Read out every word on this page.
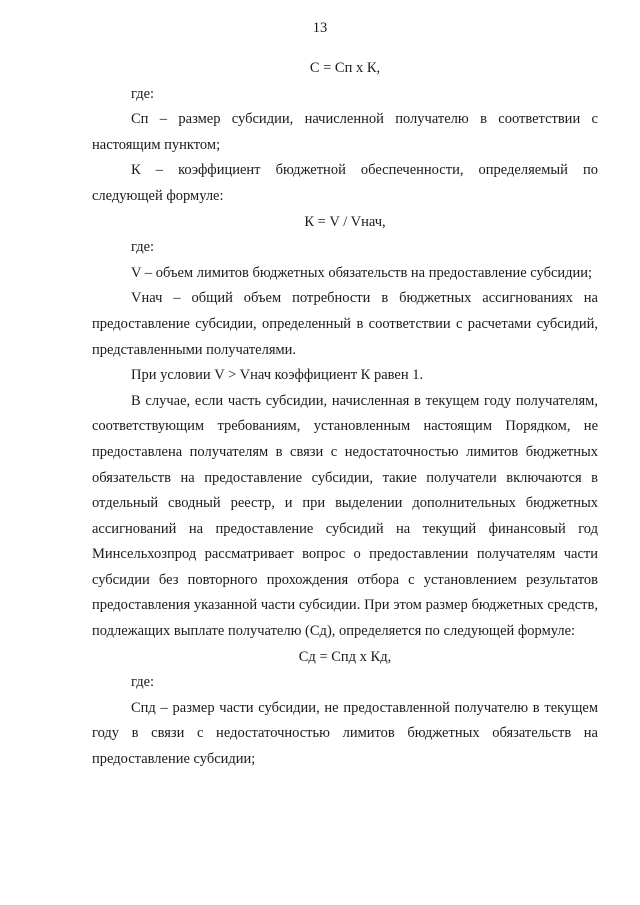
13

С = Сп х К,

где:

Сп – размер субсидии, начисленной получателю в соответствии с настоящим пунктом;

К – коэффициент бюджетной обеспеченности, определяемый по следующей формуле:

К = V / Vнач,

где:

V – объем лимитов бюджетных обязательств на предоставление субсидии;

Vнач – общий объем потребности в бюджетных ассигнованиях на предоставление субсидии, определенный в соответствии с расчетами субсидий, представленными получателями.

При условии V > Vнач коэффициент К равен 1.

В случае, если часть субсидии, начисленная в текущем году получателям, соответствующим требованиям, установленным настоящим Порядком, не предоставлена получателям в связи с недостаточностью лимитов бюджетных обязательств на предоставление субсидии, такие получатели включаются в отдельный сводный реестр, и при выделении дополнительных бюджетных ассигнований на предоставление субсидий на текущий финансовый год Минсельхозпрод рассматривает вопрос о предоставлении получателям части субсидии без повторного прохождения отбора с установлением результатов предоставления указанной части субсидии. При этом размер бюджетных средств, подлежащих выплате получателю (Сд), определяется по следующей формуле:

Сд = Спд х Кд,

где:

Спд – размер части субсидии, не предоставленной получателю в текущем году в связи с недостаточностью лимитов бюджетных обязательств на предоставление субсидии;
